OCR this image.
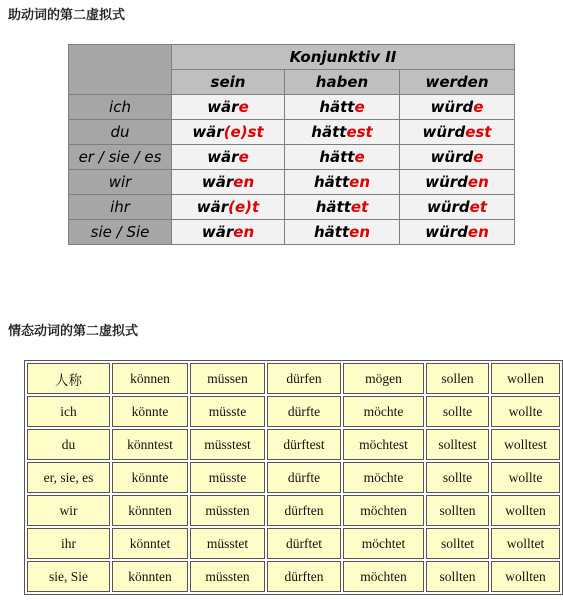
助动词的第二虚拟式
	Konjunktiv II		
	sein	haben	werden
ich	wäre	hätte	würde
du	wär(e)st	hättest	würdest
er / sie / es	wäre	hätte	würde
wir	wären	hätten	würden
ihr	wär(e)t	hättet	würdet
sie / Sie	wären	hätten	würden
情态动词的第二虚拟式
人称	können	müssen	dürfen	mögen	sollen	wollen
ich	könnte	müsste	dürfte	möchte	sollte	wollte
du	könntest	müsstest	dürftest	möchtest	solltest	wolltest
er, sie, es	könnte	müsste	dürfte	möchte	sollte	wollte
wir	könnten	müssten	dürften	möchten	sollten	wollten
ihr	könntet	müsstet	dürftet	möchtet	solltet	wolltet
sie, Sie	könnten	müssten	dürften	möchten	sollten	wollten
